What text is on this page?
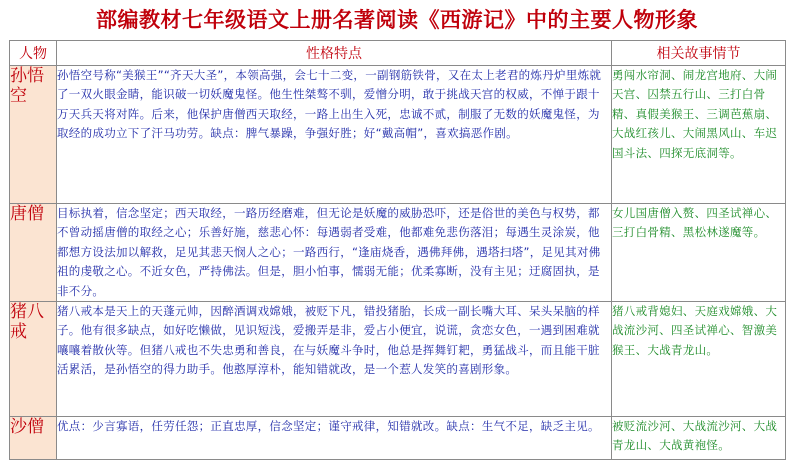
部编教材七年级语文上册名著阅读《西游记》中的主要人物形象
人物	性格特点	相关故事情节
孙悟空	孙悟空号称“美猴王”“齐天大圣”，本领高强，会七十二变，一副钢筋铁骨，又在太上老君的炼丹炉里炼就了一双火眼金睛，能识破一切妖魔鬼怪。他生性桀骜不驯，爱憎分明，敢于挑战天宫的权威，不惮于跟十万天兵天将对阵。后来，他保护唐僧西天取经，一路上出生入死，忠诚不贰，制服了无数的妖魔鬼怪，为取经的成功立下了汗马功劳。缺点：脾气暴躁，争强好胜；好“戴高帽”，喜欢搞恶作剧。	勇闯水帘洞、闹龙宫地府、大闹天宫、囚禁五行山、三打白骨精、真假美猴王、三调芭蕉扇、大战红孩儿、大闹黑风山、车迟国斗法、四探无底洞等。
唐僧	目标执着，信念坚定；西天取经，一路历经磨难，但无论是妖魔的威胁恐吓，还是俗世的美色与权势，都不曾动摇唐僧的取经之心；乐善好施，慈悲心怀：每遇弱者受难，他都难免悲伤落泪；每遇生灵涂炭，他都想方设法加以解救，足见其悲天悯人之心；一路西行，“逢庙烧香，遇佛拜佛，遇塔扫塔”，足见其对佛祖的虔敬之心。不近女色，严持佛法。但是，胆小怕事，懦弱无能；优柔寡断，没有主见；迂腐固执，是非不分。	女儿国唐僧入赘、四圣试禅心、三打白骨精、黑松林遂魔等。
猪八戒	猪八戒本是天上的天蓬元帅，因醉酒调戏嫦娥，被贬下凡，错投猪胎，长成一副长嘴大耳、呆头呆脑的样子。他有很多缺点，如好吃懒做，见识短浅，爱搬弄是非，爱占小便宜，说谎，贪恋女色，一遇到困难就嚷嚷着散伙等。但猪八戒也不失忠勇和善良，在与妖魔斗争时，他总是挥舞钉耙，勇猛战斗，而且能干脏活累活，是孙悟空的得力助手。他憨厚淳朴，能知错就改，是一个惹人发笑的喜剧形象。	猪八戒背媳妇、天庭戏嫦娥、大战流沙河、四圣试禅心、智激美猴王、大战青龙山。
沙僧	优点：少言寡语，任劳任怨；正直忠厚，信念坚定；谨守戒律，知错就改。缺点：生气不足，缺乏主见。	被贬流沙河、大战流沙河、大战青龙山、大战黄袍怪。
